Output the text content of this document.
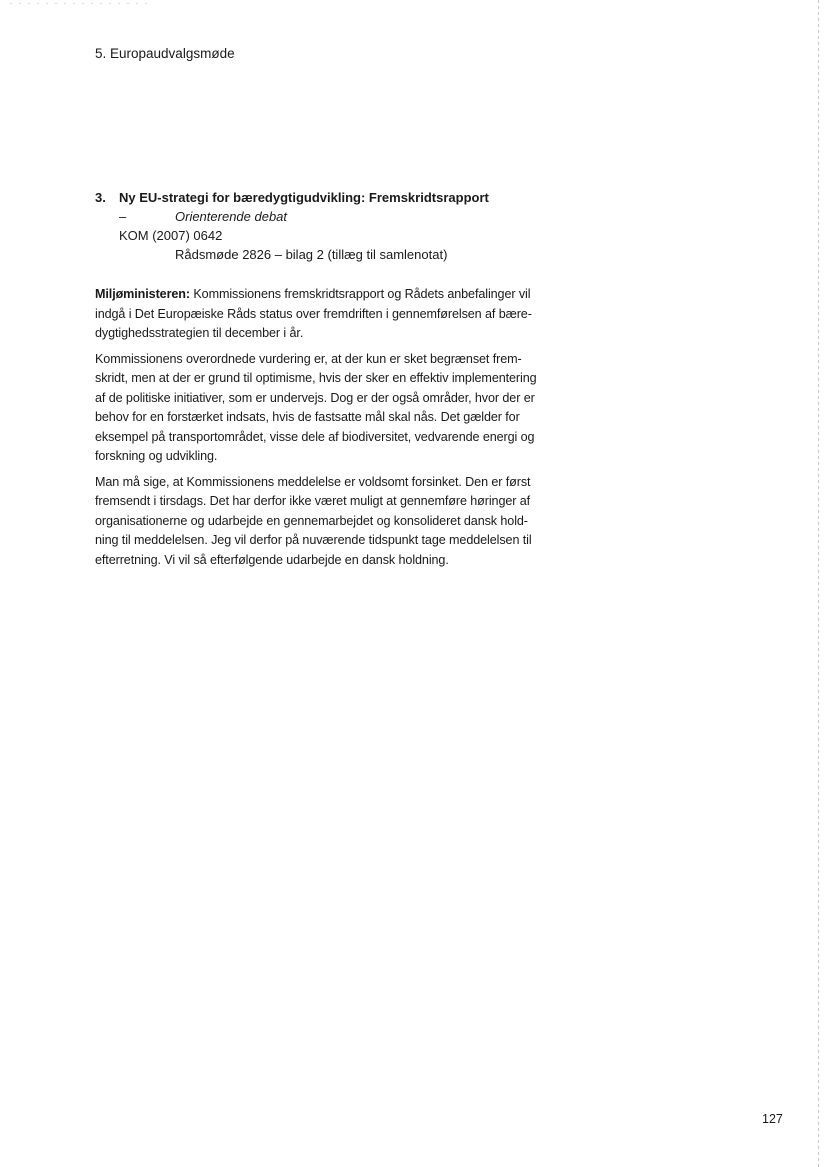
5. Europaudvalgsmøde
3.	Ny EU-strategi for bæredygtigudvikling: Fremskridtsrapport
–	Orienterende debat
KOM (2007) 0642
Rådsmøde 2826 – bilag 2 (tillæg til samlenotat)

Miljøministeren: Kommissionens fremskridtsrapport og Rådets anbefalinger vil
indgå i Det Europæiske Råds status over fremdriften i gennemførelsen af bære-
dygtighedsstrategien til december i år.

Kommissionens overordnede vurdering er, at der kun er sket begrænset frem-
skridt, men at der er grund til optimisme, hvis der sker en effektiv implementering
af de politiske initiativer, som er undervejs. Dog er der også områder, hvor der er
behov for en forstærket indsats, hvis de fastsatte mål skal nås. Det gælder for
eksempel på transportområdet, visse dele af biodiversitet, vedvarende energi og
forskning og udvikling.

Man må sige, at Kommissionens meddelelse er voldsomt forsinket. Den er først
fremsendt i tirsdags. Det har derfor ikke været muligt at gennemføre høringer af
organisationerne og udarbejde en gennemarbejdet og konsolideret dansk hold-
ning til meddelelsen. Jeg vil derfor på nuværende tidspunkt tage meddelelsen til
efterretning. Vi vil så efterfølgende udarbejde en dansk holdning.

127
